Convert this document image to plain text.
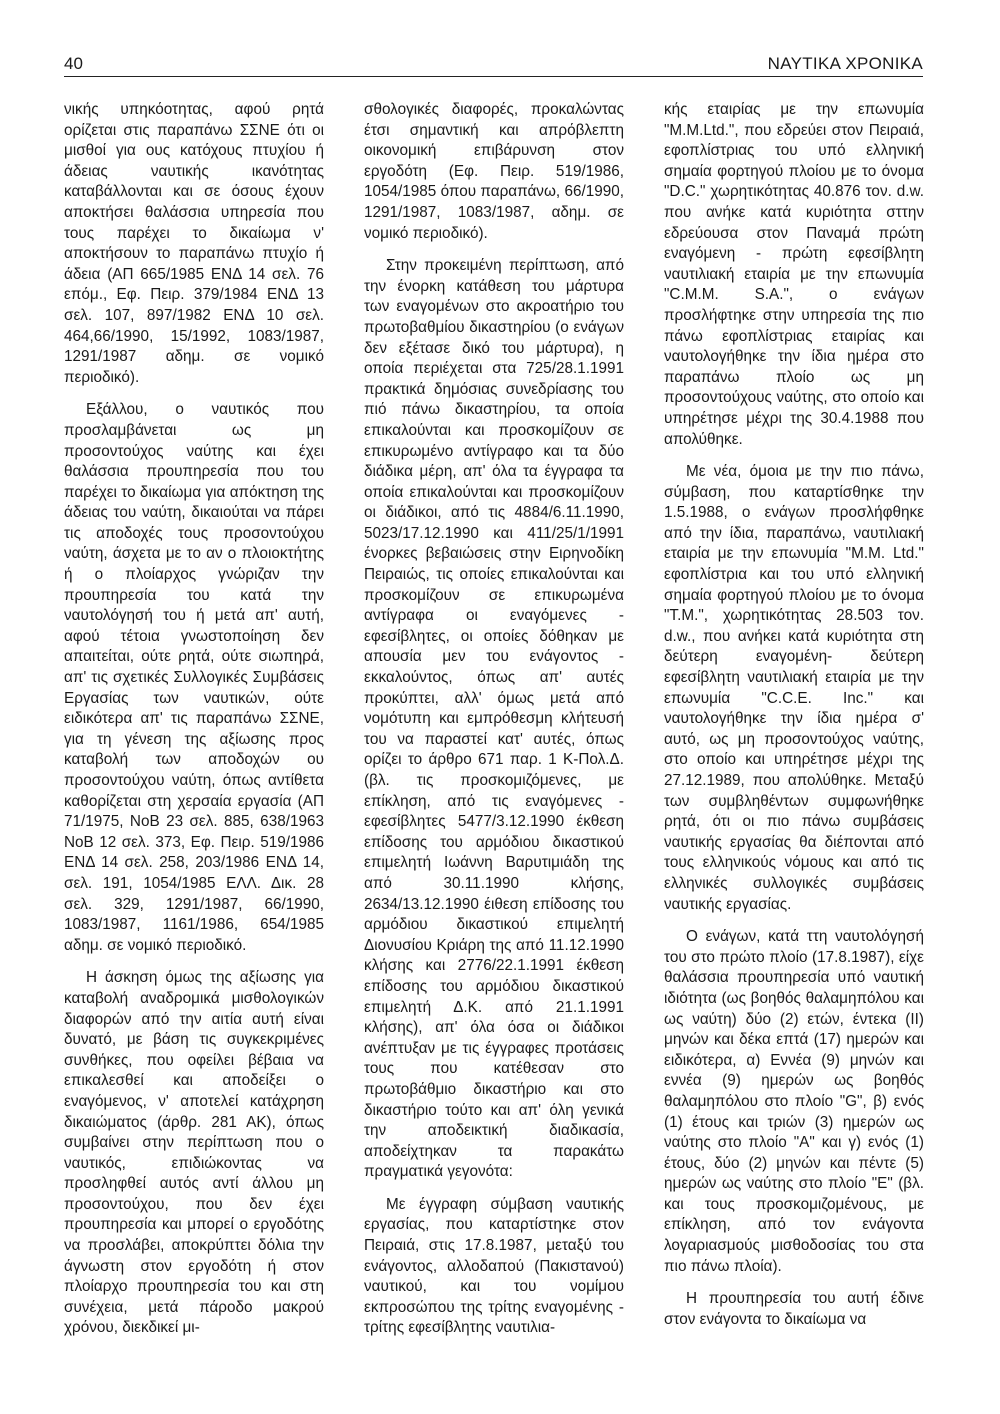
40	ΝΑΥΤΙΚΑ ΧΡΟΝΙΚΑ

νικής υπηκόοτητας, αφού ρητά ορίζεται στις παραπάνω ΣΣΝΕ ότι οι μισθοί για ους κατόχους πτυχίου ή άδειας ναυτικής ικανότητας καταβάλλονται και σε όσους έχουν αποκτήσει θαλάσσια υπηρεσία που τους παρέχει το δικαίωμα ν' αποκτήσουν το παραπάνω πτυχίο ή άδεια (ΑΠ 665/1985 ΕΝΔ 14 σελ. 76 επόμ., Εφ. Πειρ. 379/1984 ΕΝΔ 13 σελ. 107, 897/1982 ΕΝΔ 10 σελ. 464,66/1990, 15/1992, 1083/1987, 1291/1987 αδημ. σε νομικό περιοδικό).

Εξάλλου, ο ναυτικός που προσλαμβάνεται ως μη προσοντούχος ναύτης και έχει θαλάσσια προυπηρεσία που του παρέχει το δικαίωμα για απόκτηση της άδειας του ναύτη, δικαιούται να πάρει τις αποδοχές τους προσοντούχου ναύτη, άσχετα με το αν ο πλοιοκτήτης ή ο πλοίαρχος γνώριζαν την προυπηρεσία του κατά την ναυτολόγησή του ή μετά απ' αυτή, αφού τέτοια γνωστοποίηση δεν απαιτείται, ούτε ρητά, ούτε σιωπηρά, απ' τις σχετικές Συλλογικές Συμβάσεις Εργασίας των ναυτικών, ούτε ειδικότερα απ' τις παραπάνω ΣΣΝΕ, για τη γένεση της αξίωσης προς καταβολή των αποδοχών ου προσοντούχου ναύτη, όπως αντίθετα καθορίζεται στη χερσαία εργασία (ΑΠ 71/1975, ΝοΒ 23 σελ. 885, 638/1963 ΝοΒ 12 σελ. 373, Εφ. Πειρ. 519/1986 ΕΝΔ 14 σελ. 258, 203/1986 ΕΝΔ 14, σελ. 191, 1054/1985 ΕΛΛ. Δικ. 28 σελ. 329, 1291/1987, 66/1990, 1083/1987, 1161/1986, 654/1985 αδημ. σε νομικό περιοδικό.

Η άσκηση όμως της αξίωσης για καταβολή αναδρομικά μισθολογικών διαφορών από την αιτία αυτή είναι δυνατό, με βάση τις συγκεκριμένες συνθήκες, που οφείλει βέβαια να επικαλεσθεί και αποδείξει ο εναγόμενος, ν' αποτελεί κατάχρηση δικαιώματος (άρθρ. 281 ΑΚ), όπως συμβαίνει στην περίπτωση που ο ναυτικός, επιδιώκοντας να προσληφθεί αυτός αντί άλλου μη προσοντούχου, που δεν έχει προυπηρεσία και μπορεί ο εργοδότης να προσλάβει, αποκρύπτει δόλια την άγνωστη στον εργοδότη ή στον πλοίαρχο προυπηρεσία του και στη συνέχεια, μετά πάροδο μακρού χρόνου, διεκδικεί μι-

σθολογικές διαφορές, προκαλώντας έτσι σημαντική και απρόβλεπτη οικονομική επιβάρυνση στον εργοδότη (Εφ. Πειρ. 519/1986, 1054/1985 όπου παραπάνω, 66/1990, 1291/1987, 1083/1987, αδημ. σε νομικό περιοδικό).

Στην προκειμένη περίπτωση, από την ένορκη κατάθεση του μάρτυρα των εναγομένων στο ακροατήριο του πρωτοβαθμίου δικαστηρίου (ο ενάγων δεν εξέτασε δικό του μάρτυρα), η οποία περιέχεται στα 725/28.1.1991 πρακτικά δημόσιας συνεδρίασης του πιό πάνω δικαστηρίου, τα οποία επικαλούνται και προσκομίζουν σε επικυρωμένο αντίγραφο και τα δύο διάδικα μέρη, απ' όλα τα έγγραφα τα οποία επικαλούνται και προσκομίζουν οι διάδικοι, από τις 4884/6.11.1990, 5023/17.12.1990 και 411/25/1/1991 ένορκες βεβαιώσεις στην Ειρηνοδίκη Πειραιώς, τις οποίες επικαλούνται και προσκομίζουν σε επικυρωμένα αντίγραφα οι εναγόμενες - εφεσίβλητες, οι οποίες δόθηκαν με απουσία μεν του ενάγοντος - εκκαλούντος, όπως απ' αυτές προκύπτει, αλλ' όμως μετά από νομότυπη και εμπρόθεσμη κλήτευσή του να παραστεί κατ' αυτές, όπως ορίζει το άρθρο 671 παρ. 1 Κ-Πολ.Δ. (βλ. τις προσκομιζόμενες, με επίκληση, από τις εναγόμενες - εφεσίβλητες 5477/3.12.1990 έκθεση επίδοσης του αρμόδιου δικαστικού επιμελητή Ιωάννη Βαρυτιμιάδη της από 30.11.1990 κλήσης, 2634/13.12.1990 έιθεση επίδοσης του αρμόδιου δικαστικού επιμελητή Διονυσίου Κριάρη της από 11.12.1990 κλήσης και 2776/22.1.1991 έκθεση επίδοσης του αρμόδιου δικαστικού επιμελητή Δ.Κ. από 21.1.1991 κλήσης), απ' όλα όσα οι διάδικοι ανέπτυξαν με τις έγγραφες προτάσεις τους που κατέθεσαν στο πρωτοβάθμιο δικαστήριο και στο δικαστήριο τούτο και απ' όλη γενικά την αποδεικτική διαδικασία, αποδείχτηκαν τα παρακάτω πραγματικά γεγονότα:

Με έγγραφη σύμβαση ναυτικής εργασίας, που καταρτίστηκε στον Πειραιά, στις 17.8.1987, μεταξύ του ενάγοντος, αλλοδαπού (Πακιστανού) ναυτικού, και του νομίμου εκπροσώπου της τρίτης εναγομένης - τρίτης εφεσίβλητης ναυτιλια-

κής εταιρίας με την επωνυμία "Μ.Μ.Ltd.", που εδρεύει στον Πειραιά, εφοπλίστριας του υπό ελληνική σημαία φορτηγού πλοίου με το όνομα "D.C." χωρητικότητας 40.876 τον. d.w. που ανήκε κατά κυριότητα σττην εδρεύουσα στον Παναμά πρώτη εναγόμενη - πρώτη εφεσίβλητη ναυτιλιακή εταιρία με την επωνυμία "C.M.M. S.A.", ο ενάγων προσλήφτηκε στην υπηρεσία της πιο πάνω εφοπλίστριας εταιρίας και ναυτολογήθηκε την ίδια ημέρα στο παραπάνω πλοίο ως μη προσοντούχους ναύτης, στο οποίο και υπηρέτησε μέχρι της 30.4.1988 που απολύθηκε.

Με νέα, όμοια με την πιο πάνω, σύμβαση, που καταρτίσθηκε την 1.5.1988, ο ενάγων προσλήφθηκε από την ίδια, παραπάνω, ναυτιλιακή εταιρία με την επωνυμία "Μ.Μ. Ltd." εφοπλίστρια και του υπό ελληνική σημαία φορτηγού πλοίου με το όνομα "Τ.Μ.", χωρητικότητας 28.503 τον. d.w., που ανήκει κατά κυριότητα στη δεύτερη εναγομένη- δεύτερη εφεσίβλητη ναυτιλιακή εταιρία με την επωνυμία "C.C.E. Inc." και ναυτολογήθηκε την ίδια ημέρα σ' αυτό, ως μη προσοντούχος ναύτης, στο οποίο και υπηρέτησε μέχρι της 27.12.1989, που απολύθηκε. Μεταξύ των συμβληθέντων συμφωνήθηκε ρητά, ότι οι πιο πάνω συμβάσεις ναυτικής εργασίας θα διέπονται από τους ελληνικούς νόμους και από τις ελληνικές συλλογικές συμβάσεις ναυτικής εργασίας.

Ο ενάγων, κατά ττη ναυτολόγησή του στο πρώτο πλοίο (17.8.1987), είχε θαλάσσια προυπηρεσία υπό ναυτική ιδιότητα (ως βοηθός θαλαμηπόλου και ως ναύτη) δύο (2) ετών, έντεκα (ΙΙ) μηνών και δέκα επτά (17) ημερών και ειδικότερα, α) Εννέα (9) μηνών και εννέα (9) ημερών ως βοηθός θαλαμηπόλου στο πλοίο "G", β) ενός (1) έτους και τριών (3) ημερών ως ναύτης στο πλοίο "Α" και γ) ενός (1) έτους, δύο (2) μηνών και πέντε (5) ημερών ως ναύτης στο πλοίο "Ε" (βλ. και τους προσκομιζομένους, με επίκληση, από τον ενάγοντα λογαριασμούς μισθοδοσίας του στα πιο πάνω πλοία).

Η προυπηρεσία του αυτή έδινε στον ενάγοντα το δικαίωμα να
